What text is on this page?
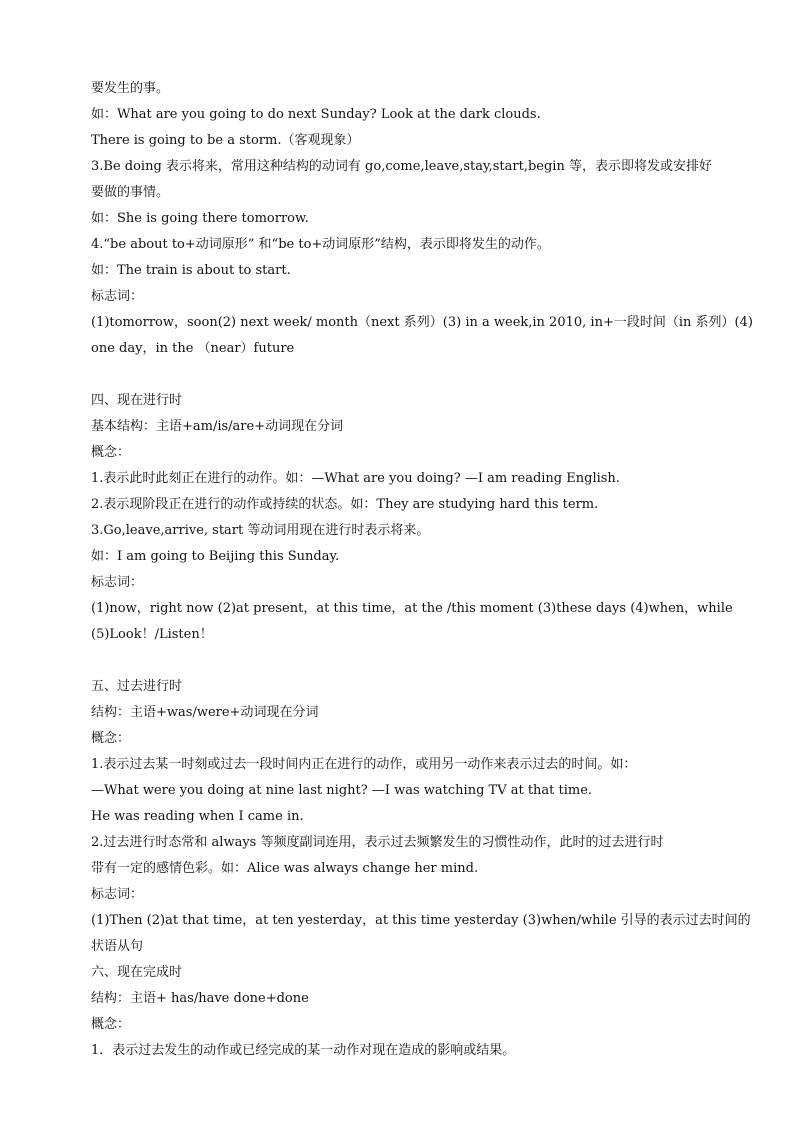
要发生的事。
如：What are you going to do next Sunday? Look at the dark clouds.
There is going to be a storm.（客观现象）
3.Be doing 表示将来，常用这种结构的动词有 go,come,leave,stay,start,begin 等，表示即将发或安排好
要做的事情。
如：She is going there tomorrow.
4.“be about to+动词原形” 和“be to+动词原形”结构，表示即将发生的动作。
如：The train is about to start.
标志词：
(1)tomorrow，soon(2) next week/ month（next 系列）(3) in a week,in 2010, in+一段时间（in 系列）(4)
one day，in the （near）future
四、现在进行时
基本结构：主语+am/is/are+动词现在分词
概念：
1.表示此时此刻正在进行的动作。如：—What are you doing? —I am reading English.
2.表示现阶段正在进行的动作或持续的状态。如：They are studying hard this term.
3.Go,leave,arrive, start 等动词用现在进行时表示将来。
如：I am going to Beijing this Sunday.
标志词：
(1)now，right now (2)at present，at this time，at the /this moment (3)these days (4)when，while
(5)Look！/Listen！
五、过去进行时
结构：主语+was/were+动词现在分词
概念：
1.表示过去某一时刻或过去一段时间内正在进行的动作，或用另一动作来表示过去的时间。如：
—What were you doing at nine last night? —I was watching TV at that time.
He was reading when I came in.
2.过去进行时态常和 always 等频度副词连用，表示过去频繁发生的习惯性动作，此时的过去进行时
带有一定的感情色彩。如：Alice was always change her mind.
标志词：
(1)Then (2)at that time，at ten yesterday，at this time yesterday (3)when/while 引导的表示过去时间的
状语从句
六、现在完成时
结构：主语+ has/have done+done
概念：
1．表示过去发生的动作或已经完成的某一动作对现在造成的影响或结果。
